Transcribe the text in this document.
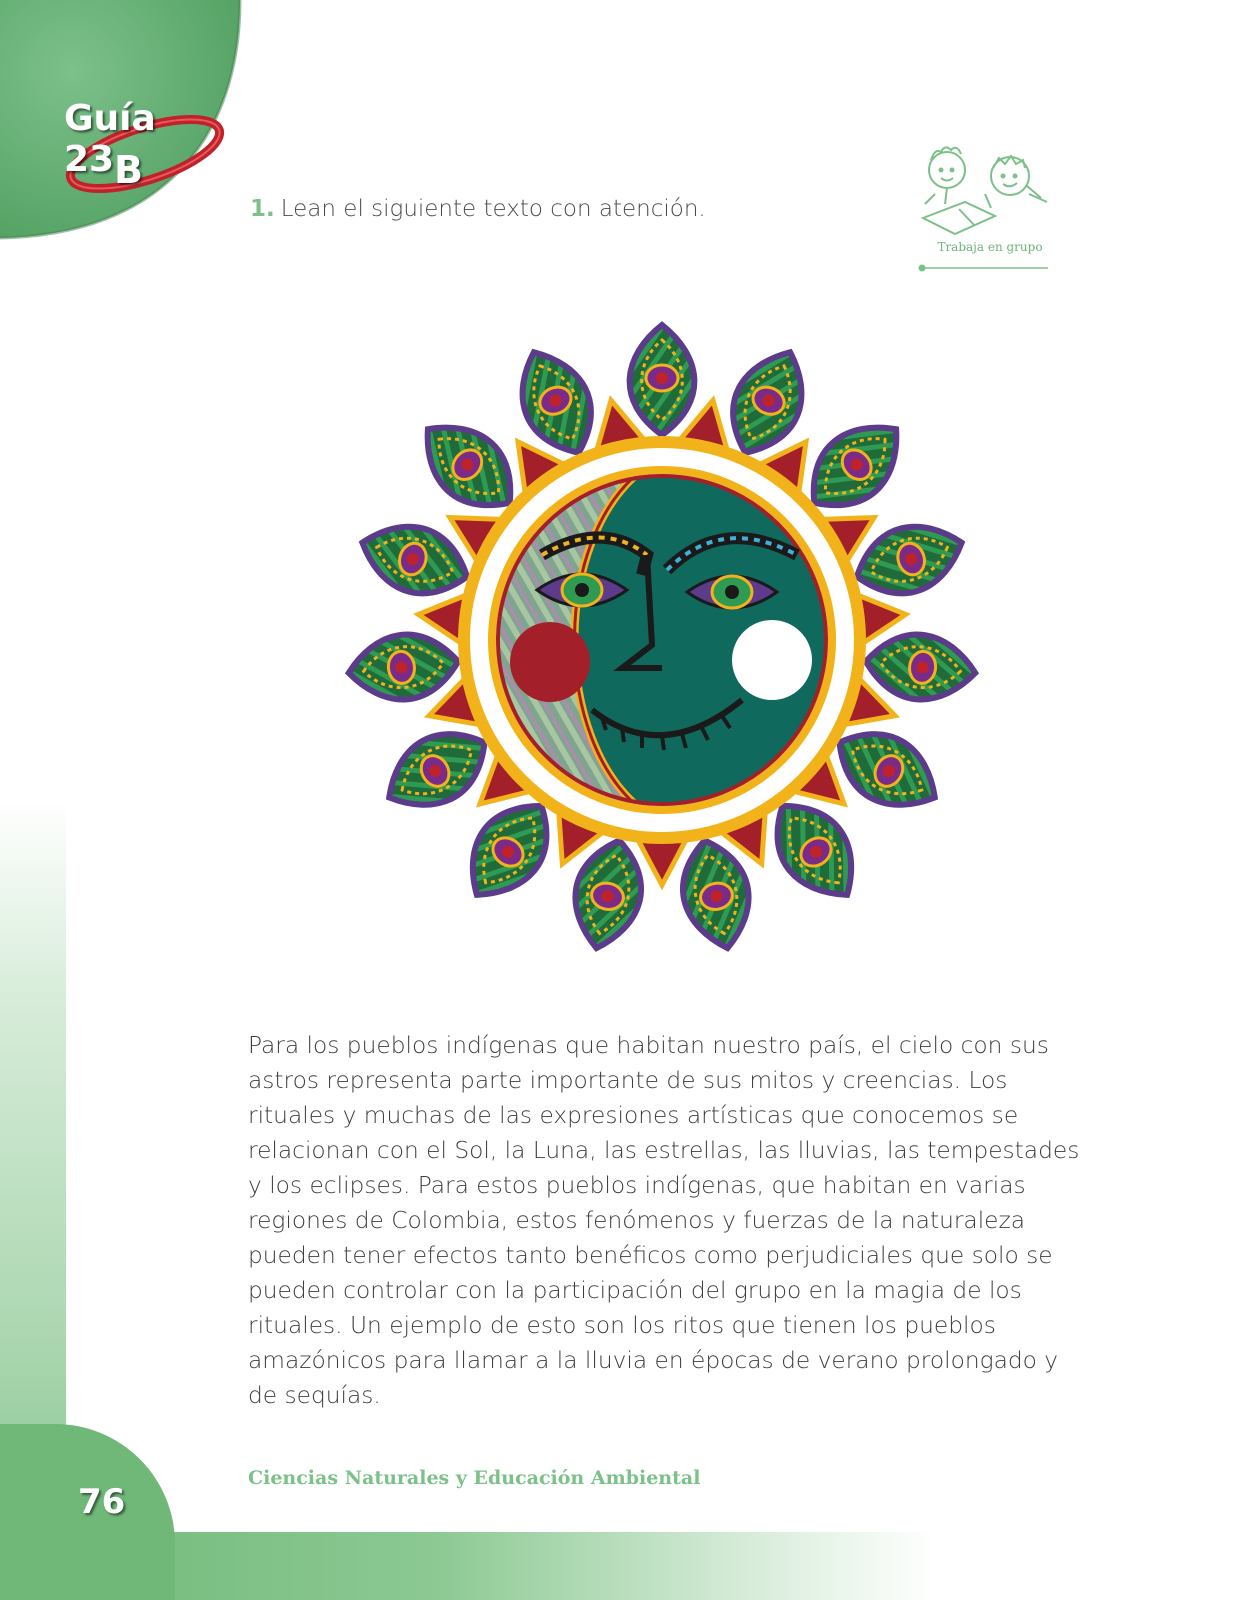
Guía 23 B
1. Lean el siguiente texto con atención.
Trabaja en grupo

Para los pueblos indígenas que habitan nuestro país, el cielo con sus astros representa parte importante de sus mitos y creencias. Los rituales y muchas de las expresiones artísticas que conocemos se relacionan con el Sol, la Luna, las estrellas, las lluvias, las tempestades y los eclipses. Para estos pueblos indígenas, que habitan en varias regiones de Colombia, estos fenómenos y fuerzas de la naturaleza pueden tener efectos tanto benéficos como perjudiciales que solo se pueden controlar con la participación del grupo en la magia de los rituales. Un ejemplo de esto son los ritos que tienen los pueblos amazónicos para llamar a la lluvia en épocas de verano prolongado y de sequías.

76
Ciencias Naturales y Educación Ambiental
